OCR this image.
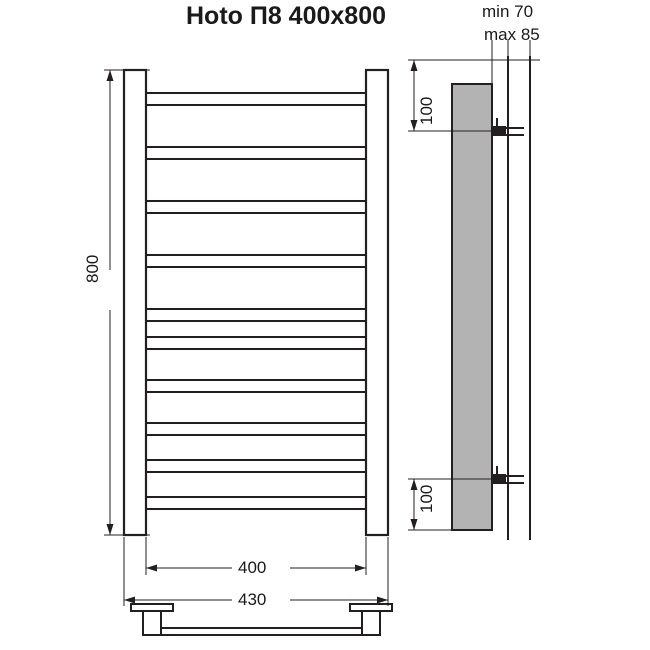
Ноtо П8 400x800	min 70
max 85
400
430
800
100
100
